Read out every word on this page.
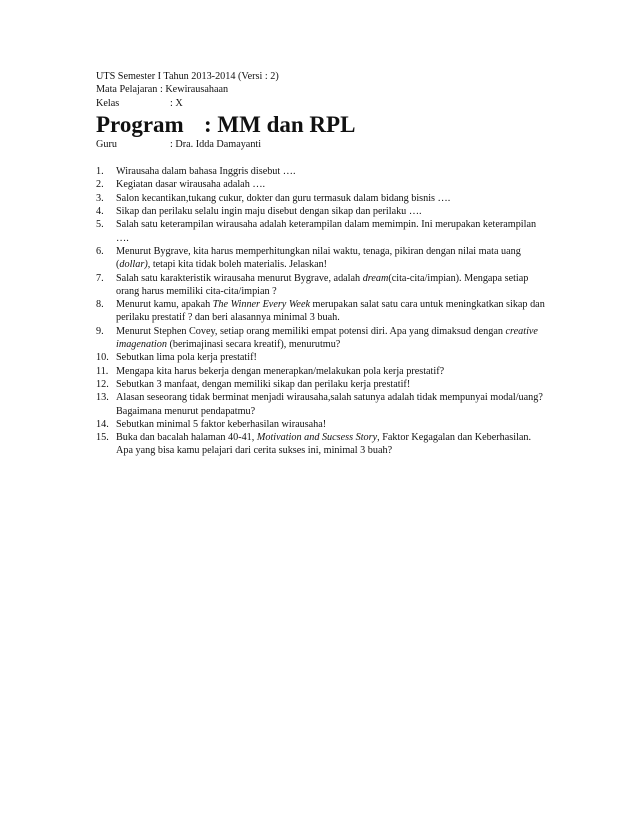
UTS Semester I Tahun 2013-2014 (Versi : 2)
Mata Pelajaran : Kewirausahaan
Kelas	: X
Program : MM dan RPL
Guru	: Dra. Idda Damayanti
1.	Wirausaha dalam bahasa Inggris disebut ….
2.	Kegiatan dasar wirausaha adalah ….
3.	Salon kecantikan,tukang cukur, dokter dan guru termasuk dalam bidang bisnis ….
4.	Sikap dan perilaku selalu ingin maju disebut dengan sikap dan perilaku ….
5.	Salah satu keterampilan wirausaha adalah keterampilan dalam memimpin. Ini merupakan keterampilan ….
6.	Menurut Bygrave, kita harus memperhitungkan nilai waktu, tenaga, pikiran dengan nilai mata uang (dollar), tetapi kita tidak boleh materialis. Jelaskan!
7.	Salah satu karakteristik wirausaha menurut Bygrave, adalah dream(cita-cita/impian). Mengapa setiap orang harus memiliki cita-cita/impian ?
8.	Menurut kamu, apakah The Winner Every Week merupakan salat satu cara untuk meningkatkan sikap dan perilaku prestatif ? dan beri alasannya minimal 3 buah.
9.	Menurut Stephen Covey, setiap orang memiliki empat potensi diri. Apa yang dimaksud dengan creative imagenation (berimajinasi secara kreatif), menurutmu?
10. Sebutkan lima pola kerja prestatif!
11. Mengapa kita harus bekerja dengan menerapkan/melakukan pola kerja prestatif?
12. Sebutkan 3 manfaat, dengan memiliki sikap dan perilaku kerja prestatif!
13. Alasan seseorang tidak berminat menjadi wirausaha,salah satunya adalah tidak mempunyai modal/uang? Bagaimana menurut pendapatmu?
14. Sebutkan minimal 5 faktor keberhasilan wirausaha!
15. Buka dan bacalah halaman 40-41, Motivation and Sucsess Story, Faktor Kegagalan dan Keberhasilan. Apa yang bisa kamu pelajari dari cerita sukses ini, minimal 3 buah?
